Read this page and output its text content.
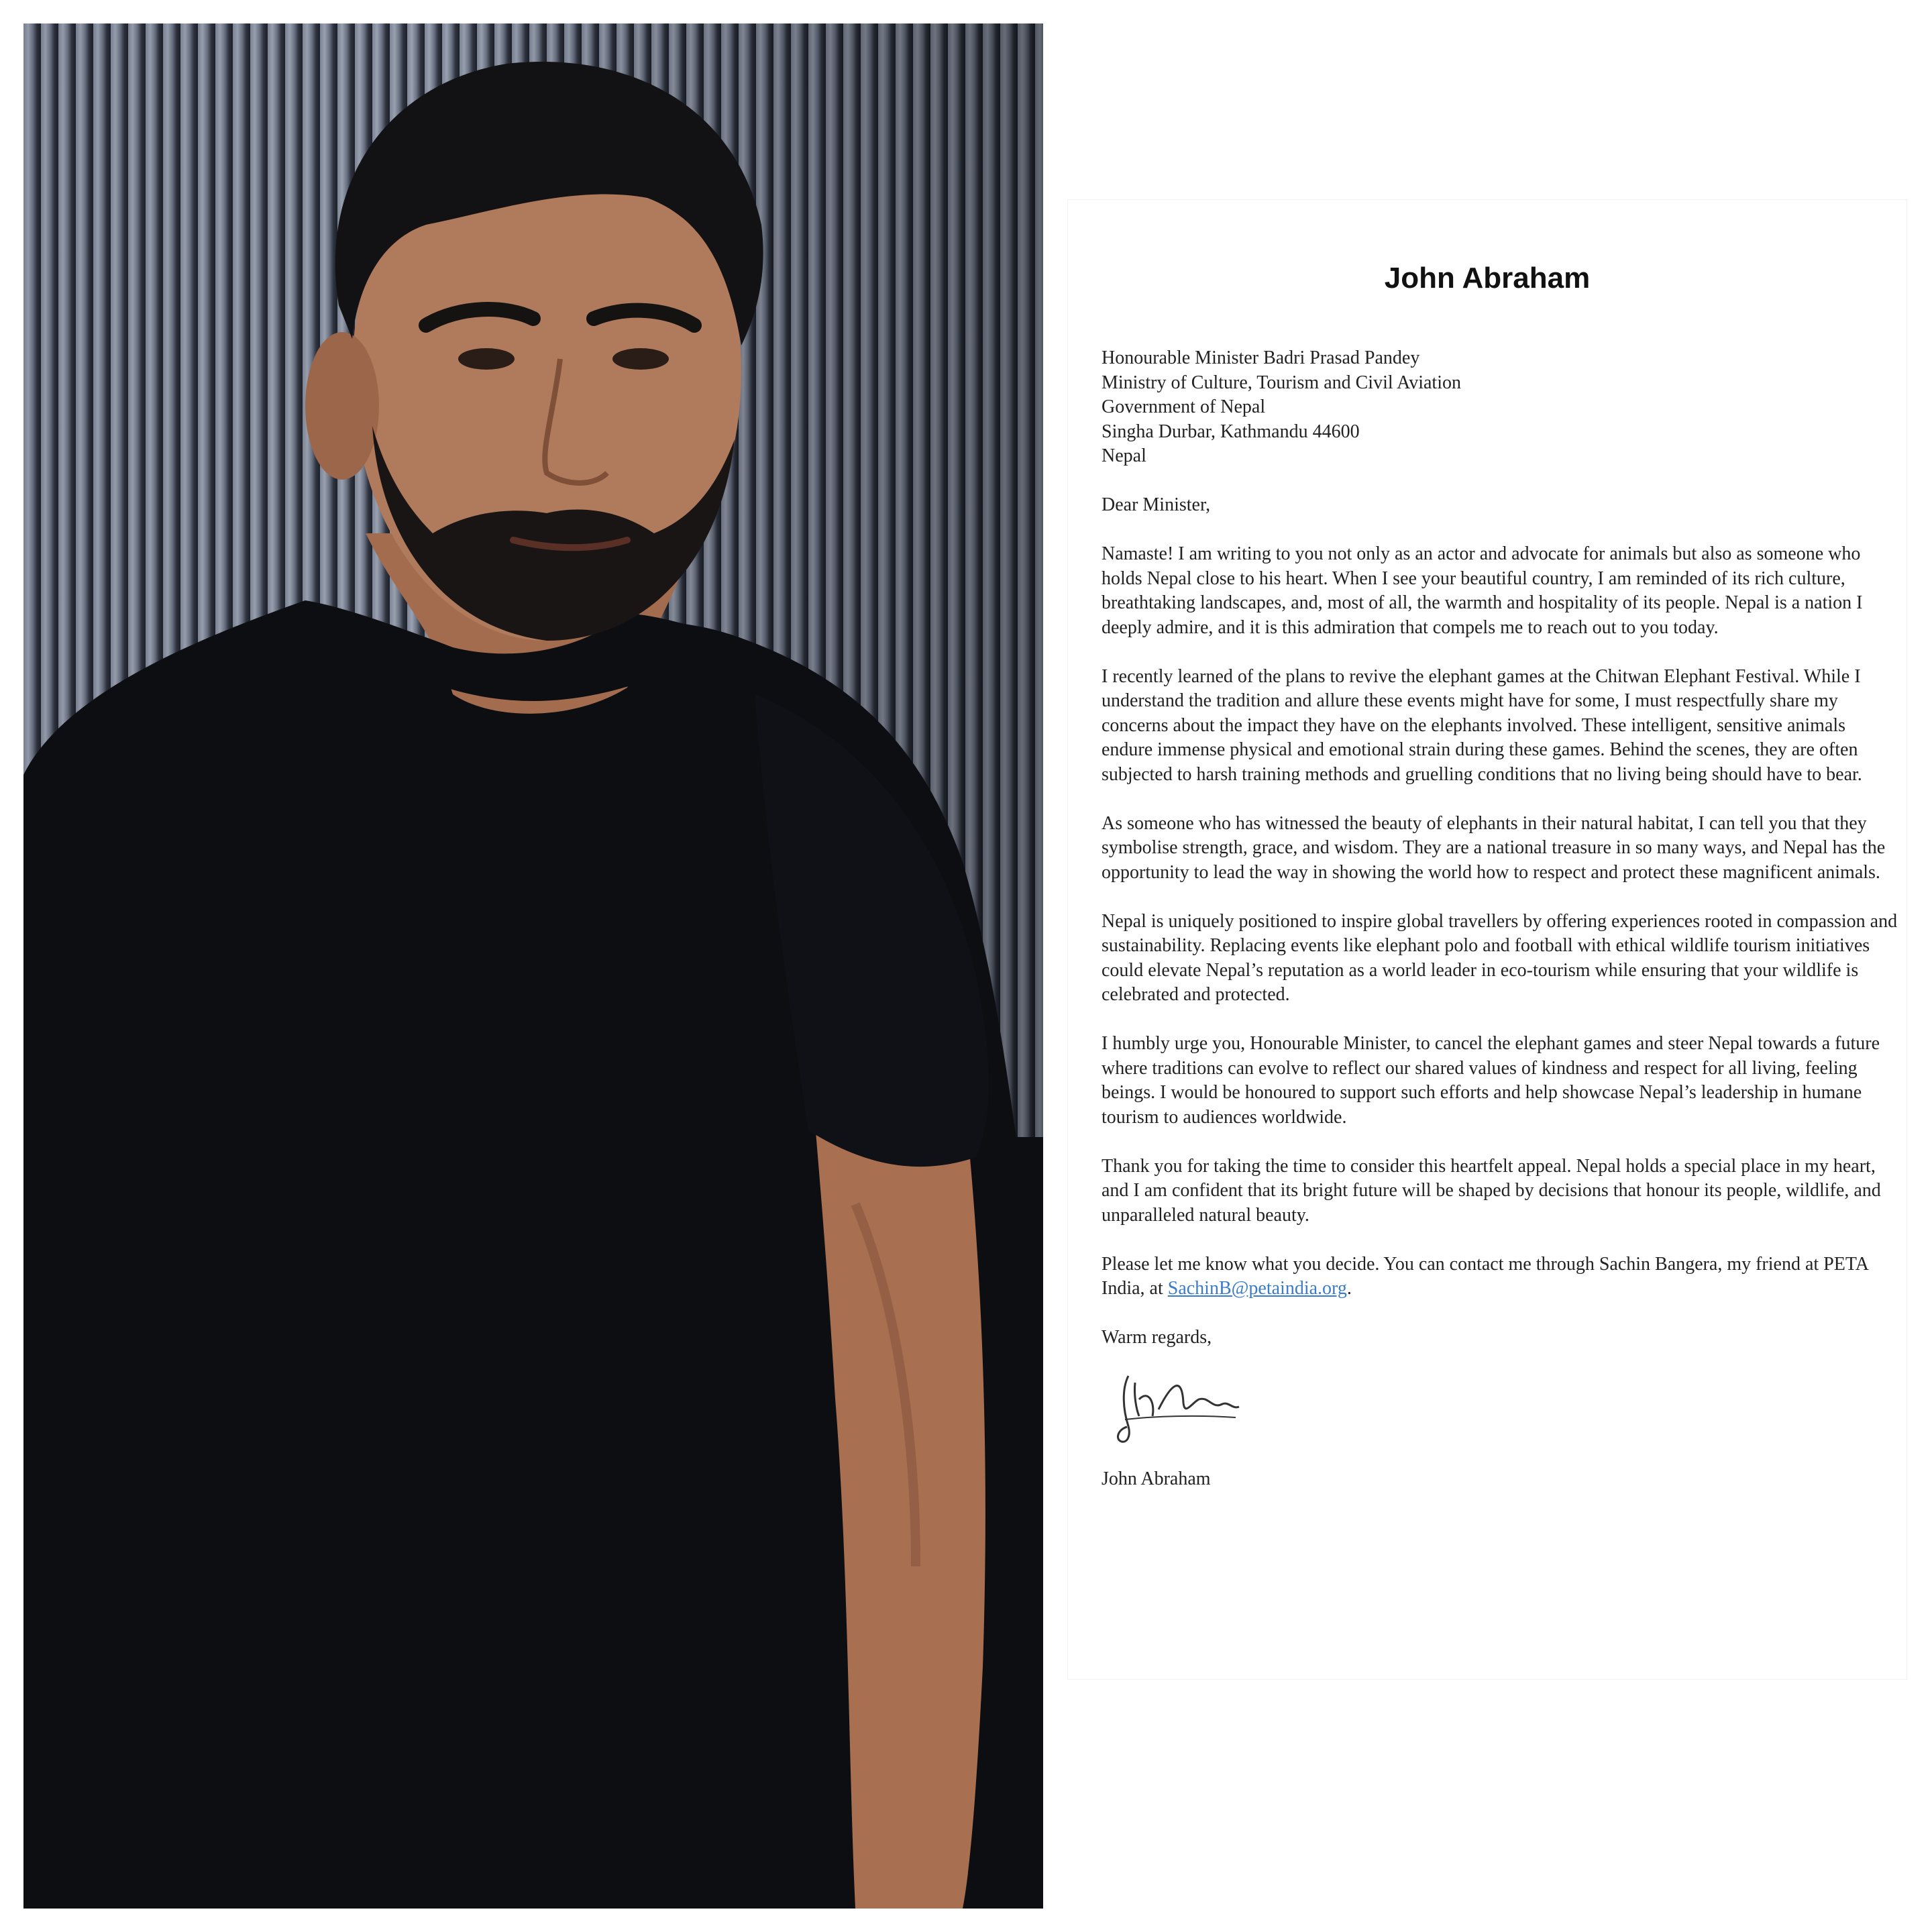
John Abraham
Honourable Minister Badri Prasad Pandey
Ministry of Culture, Tourism and Civil Aviation
Government of Nepal
Singha Durbar, Kathmandu 44600
Nepal

Dear Minister,

Namaste! I am writing to you not only as an actor and advocate for animals but also as someone who holds Nepal close to his heart. When I see your beautiful country, I am reminded of its rich culture, breathtaking landscapes, and, most of all, the warmth and hospitality of its people. Nepal is a nation I deeply admire, and it is this admiration that compels me to reach out to you today.

I recently learned of the plans to revive the elephant games at the Chitwan Elephant Festival. While I understand the tradition and allure these events might have for some, I must respectfully share my concerns about the impact they have on the elephants involved. These intelligent, sensitive animals endure immense physical and emotional strain during these games. Behind the scenes, they are often subjected to harsh training methods and gruelling conditions that no living being should have to bear.

As someone who has witnessed the beauty of elephants in their natural habitat, I can tell you that they symbolise strength, grace, and wisdom. They are a national treasure in so many ways, and Nepal has the opportunity to lead the way in showing the world how to respect and protect these magnificent animals.

Nepal is uniquely positioned to inspire global travellers by offering experiences rooted in compassion and sustainability. Replacing events like elephant polo and football with ethical wildlife tourism initiatives could elevate Nepal’s reputation as a world leader in eco-tourism while ensuring that your wildlife is celebrated and protected.

I humbly urge you, Honourable Minister, to cancel the elephant games and steer Nepal towards a future where traditions can evolve to reflect our shared values of kindness and respect for all living, feeling beings. I would be honoured to support such efforts and help showcase Nepal’s leadership in humane tourism to audiences worldwide.

Thank you for taking the time to consider this heartfelt appeal. Nepal holds a special place in my heart, and I am confident that its bright future will be shaped by decisions that honour its people, wildlife, and unparalleled natural beauty.

Please let me know what you decide. You can contact me through Sachin Bangera, my friend at PETA India, at SachinB@petaindia.org.

Warm regards,

John Abraham
